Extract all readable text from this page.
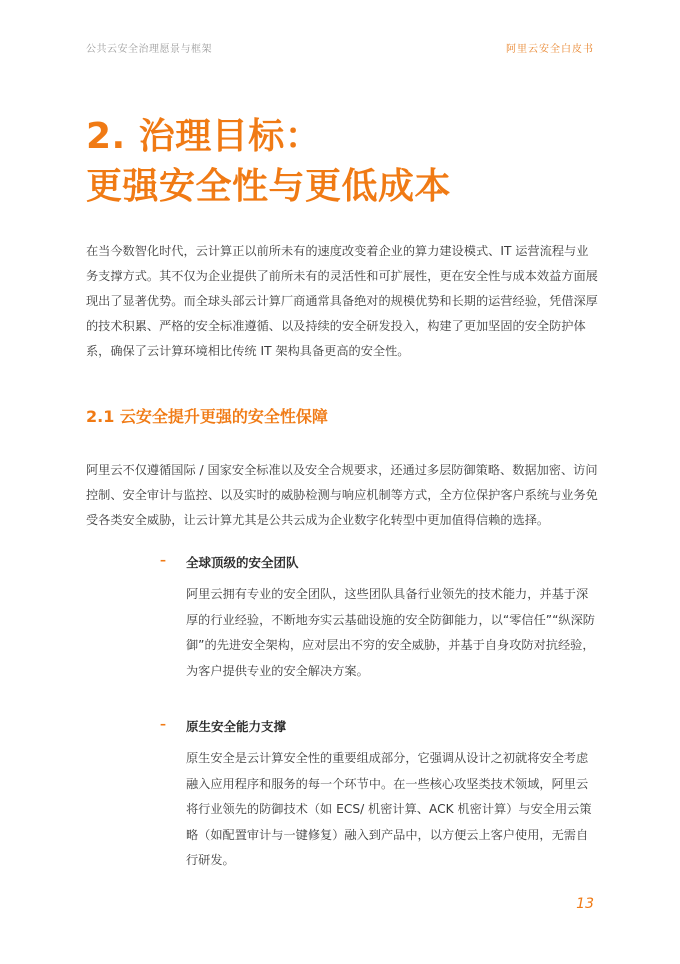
公共云安全治理愿景与框架	阿里云安全白皮书
2. 治理目标：
更强安全性与更低成本
在当今数智化时代，云计算正以前所未有的速度改变着企业的算力建设模式、IT 运营流程与业务支撑方式。其不仅为企业提供了前所未有的灵活性和可扩展性，更在安全性与成本效益方面展现出了显著优势。而全球头部云计算厂商通常具备绝对的规模优势和长期的运营经验，凭借深厚的技术积累、严格的安全标准遵循、以及持续的安全研发投入，构建了更加坚固的安全防护体系，确保了云计算环境相比传统 IT 架构具备更高的安全性。
2.1 云安全提升更强的安全性保障
阿里云不仅遵循国际 / 国家安全标准以及安全合规要求，还通过多层防御策略、数据加密、访问控制、安全审计与监控、以及实时的威胁检测与响应机制等方式，全方位保护客户系统与业务免受各类安全威胁，让云计算尤其是公共云成为企业数字化转型中更加值得信赖的选择。
– 全球顶级的安全团队
阿里云拥有专业的安全团队，这些团队具备行业领先的技术能力，并基于深厚的行业经验，不断地夯实云基础设施的安全防御能力，以“零信任”“纵深防御”的先进安全架构，应对层出不穷的安全威胁，并基于自身攻防对抗经验，为客户提供专业的安全解决方案。
– 原生安全能力支撑
原生安全是云计算安全性的重要组成部分，它强调从设计之初就将安全考虑融入应用程序和服务的每一个环节中。在一些核心攻坚类技术领域，阿里云将行业领先的防御技术（如 ECS/ 机密计算、ACK 机密计算）与安全用云策略（如配置审计与一键修复）融入到产品中，以方便云上客户使用，无需自行研发。
13
